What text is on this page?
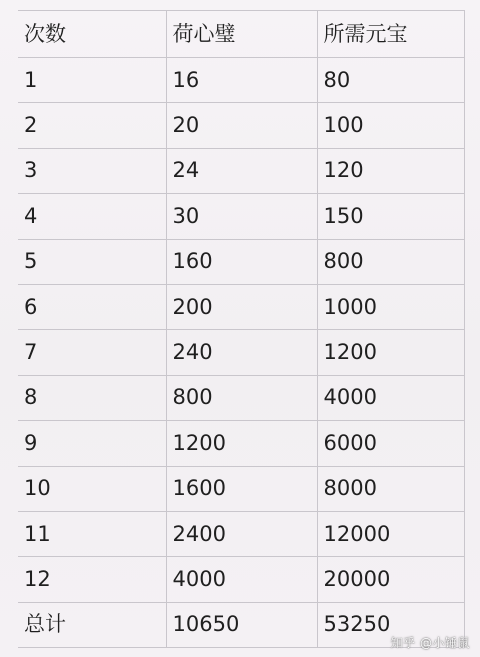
次数	荷心璧	所需元宝
1	16	80
2	20	100
3	24	120
4	30	150
5	160	800
6	200	1000
7	240	1200
8	800	4000
9	1200	6000
10	1600	8000
11	2400	12000
12	4000	20000
总计	10650	53250
知乎 @小锤鼠
